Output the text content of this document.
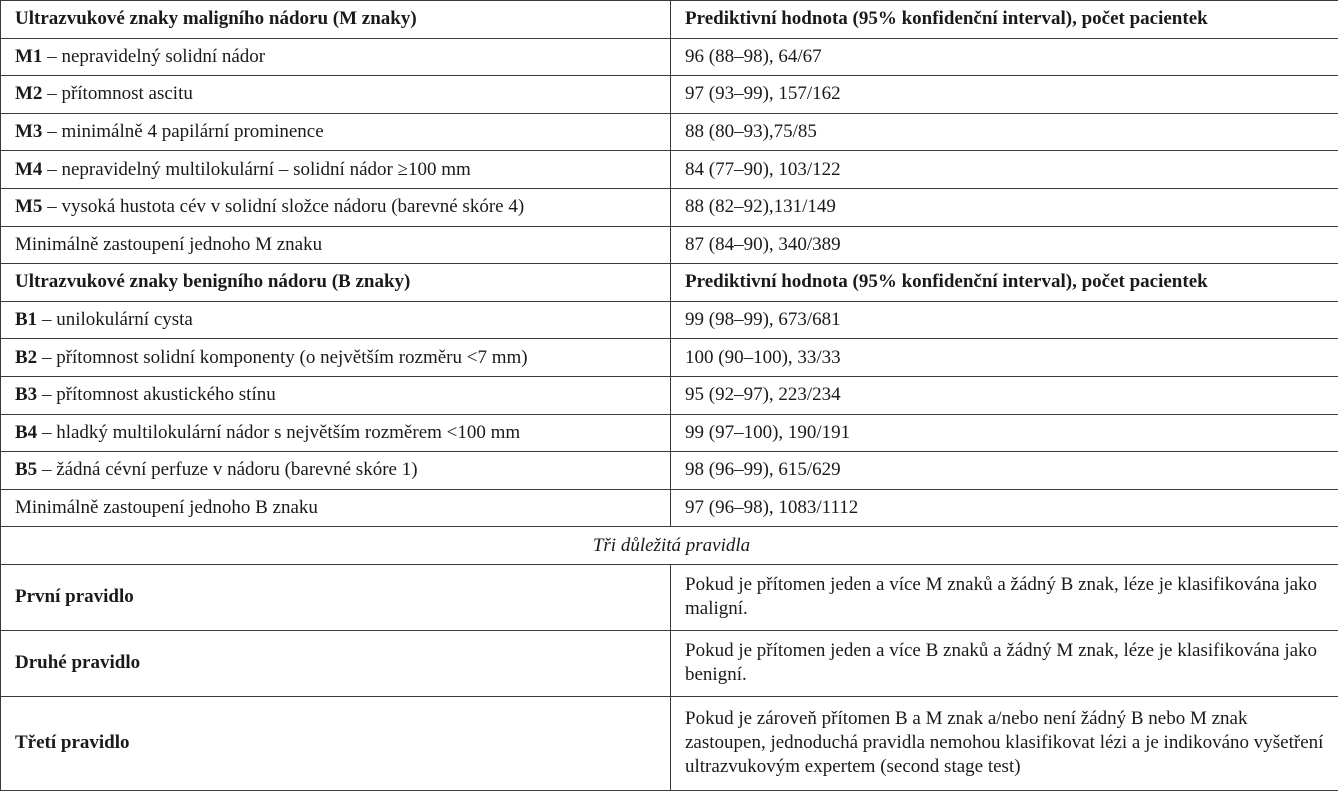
Ultrazvukové znaky maligního nádoru (M znaky)	Prediktivní hodnota (95% konfidenční interval), počet pacientek
M1 – nepravidelný solidní nádor	96 (88–98), 64/67
M2 – přítomnost ascitu	97 (93–99), 157/162
M3 – minimálně 4 papilární prominence	88 (80–93),75/85
M4 – nepravidelný multilokulární – solidní nádor ≥100 mm	84 (77–90), 103/122
M5 – vysoká hustota cév v solidní složce nádoru (barevné skóre 4)	88 (82–92),131/149
Minimálně zastoupení jednoho M znaku	87 (84–90), 340/389
Ultrazvukové znaky benigního nádoru (B znaky)	Prediktivní hodnota (95% konfidenční interval), počet pacientek
B1 – unilokulární cysta	99 (98–99), 673/681
B2 – přítomnost solidní komponenty (o největším rozměru <7 mm)	100 (90–100), 33/33
B3 – přítomnost akustického stínu	95 (92–97), 223/234
B4 – hladký multilokulární nádor s největším rozměrem <100 mm	99 (97–100), 190/191
B5 – žádná cévní perfuze v nádoru (barevné skóre 1)	98 (96–99), 615/629
Minimálně zastoupení jednoho B znaku	97 (96–98), 1083/1112
Tři důležitá pravidla	
První pravidlo	Pokud je přítomen jeden a více M znaků a žádný B znak, léze je klasifikována jako maligní.
Druhé pravidlo	Pokud je přítomen jeden a více B znaků a žádný M znak, léze je klasifikována jako benigní.
Třetí pravidlo	Pokud je zároveň přítomen B a M znak a/nebo není žádný B nebo M znak zastoupen, jednoduchá pravidla nemohou klasifikovat lézi a je indikováno vyšetření ultrazvukovým expertem (second stage test)
